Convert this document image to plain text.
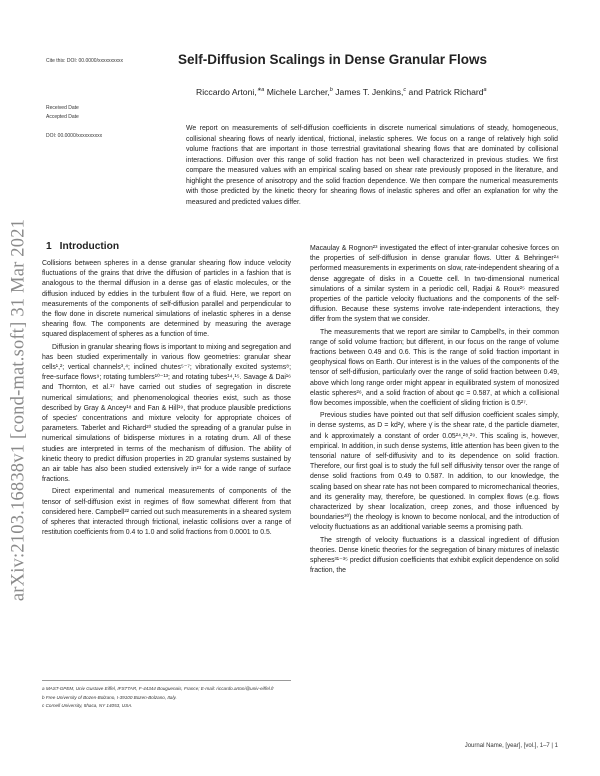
arXiv:2103.16838v1 [cond-mat.soft] 31 Mar 2021
Cite this: DOI: 00.0000/xxxxxxxxxx
Received Date
Accepted Date
DOI: 00.0000/xxxxxxxxxx
Self-Diffusion Scalings in Dense Granular Flows
Riccardo Artoni,$^{∗a}$ Michele Larcher,$^b$ James T. Jenkins,$^c$ and Patrick Richard$^a$
We report on measurements of self-diffusion coefficients in discrete numerical simulations of steady, homogeneous, collisional shearing flows of nearly identical, frictional, inelastic spheres. We focus on a range of relatively high solid volume fractions that are important in those terrestrial gravitational shearing flows that are dominated by collisional interactions. Diffusion over this range of solid fraction has not been well characterized in previous studies. We first compare the measured values with an empirical scaling based on shear rate previously proposed in the literature, and highlight the presence of anisotropy and the solid fraction dependence. We then compare the numerical measurements with those predicted by the kinetic theory for shearing flows of inelastic spheres and offer an explanation for why the measured and predicted values differ.
1 Introduction

Collisions between spheres in a dense granular shearing flow induce velocity fluctuations of the grains that drive the diffusion of particles in a fashion that is analogous to the thermal diffusion in a dense gas of elastic molecules, or the diffusion induced by eddies in the turbulent flow of a fluid. Here, we report on measurements of the components of self-diffusion parallel and perpendicular to the flow done in discrete numerical simulations of inelastic spheres in a dense shearing flow. The components are determined by measuring the average squared displacement of spheres as a function of time.

Diffusion in granular shearing flows is important to mixing and segregation and has been studied experimentally in various flow geometries: granular shear cells¹,²; vertical channels³,⁴; inclined chutes⁵⁻⁷; vibrationally excited systems⁸; free-surface flows⁹; rotating tumblers¹⁰⁻¹³; and rotating tubes¹⁴,¹⁵. Savage & Dai¹⁶ and Thornton, et al.¹⁷ have carried out studies of segregation in discrete numerical simulations; and phenomenological theories exist, such as those described by Gray & Ancey¹⁸ and Fan & Hill¹⁹, that produce plausible predictions of species' concentrations and mixture velocity for appropriate choices of parameters. Taberlet and Richard²⁰ studied the spreading of a granular pulse in numerical simulations of bidisperse mixtures in a rotating drum. All of these studies are interpreted in terms of the mechanism of diffusion. The ability of kinetic theory to predict diffusion properties in 2D granular systems sustained by an air table has also been studied extensively in²¹ for a wide range of surface fractions.

Direct experimental and numerical measurements of components of the tensor of self-diffusion exist in regimes of flow somewhat different from that considered here. Campbell²² carried out such measurements in a sheared system of spheres that interacted through frictional, inelastic collisions over a range of restitution coefficients from 0.4 to 1.0 and solid fractions from 0.0001 to 0.5.

Macaulay & Rognon²³ investigated the effect of inter-granular cohesive forces on the properties of self-diffusion in dense granular flows. Utter & Behringer²⁴ performed measurements in experiments on slow, rate-independent shearing of a dense aggregate of disks in a Couette cell. In two-dimensional numerical simulations of a similar system in a periodic cell, Radjai & Roux²⁵ measured properties of the particle velocity fluctuations and the components of the self-diffusion. Because these systems involve rate-independent interactions, they differ from the system that we consider.

The measurements that we report are similar to Campbell's, in their common range of solid volume fraction; but different, in our focus on the range of volume fractions between 0.49 and 0.6. This is the range of solid fraction important in geophysical flows on Earth. Our interest is in the values of the components of the tensor of self-diffusion, particularly over the range of solid fraction between 0.49, above which long range order might appear in equilibrated system of monosized elastic spheres²⁶, and a solid fraction of about φc = 0.587, at which a collisional flow becomes impossible, when the coefficient of sliding friction is 0.5²⁷.

Previous studies have pointed out that self diffusion coefficient scales simply, in dense systems, as D = kd²γ̇, where γ̇ is the shear rate, d the particle diameter, and k approximately a constant of order 0.05²⁴,²⁸,²⁹. This scaling is, however, empirical. In addition, in such dense systems, little attention has been given to the tensorial nature of self-diffusivity and to its dependence on solid fraction. Therefore, our first goal is to study the full self diffusivity tensor over the range of dense solid fractions from 0.49 to 0.587. In addition, to our knowledge, the scaling based on shear rate has not been compared to micromechanical theories, and its generality may, therefore, be questioned. In complex flows (e.g. flows characterized by shear localization, creep zones, and those influenced by boundaries³⁰) the rheology is known to become nonlocal, and the introduction of velocity fluctuations as an additional variable seems a promising path.

The strength of velocity fluctuations is a classical ingredient of diffusion theories. Dense kinetic theories for the segregation of binary mixtures of inelastic spheres³¹⁻³⁵ predict diffusion coefficients that exhibit explicit dependence on solid fraction, the

a MAST-GPEM, Univ Gustave Eiffel, IFSTTAR, F-44344 Bouguenais, France; E-mail: riccardo.artoni@univ-eiffel.fr
b Free University of Bozen-Bolzano, I-39100 Bozen-Bolzano, Italy.
c Cornell University, Ithaca, NY 14053, USA.
Journal Name, [year], [vol.], 1–7 | 1
